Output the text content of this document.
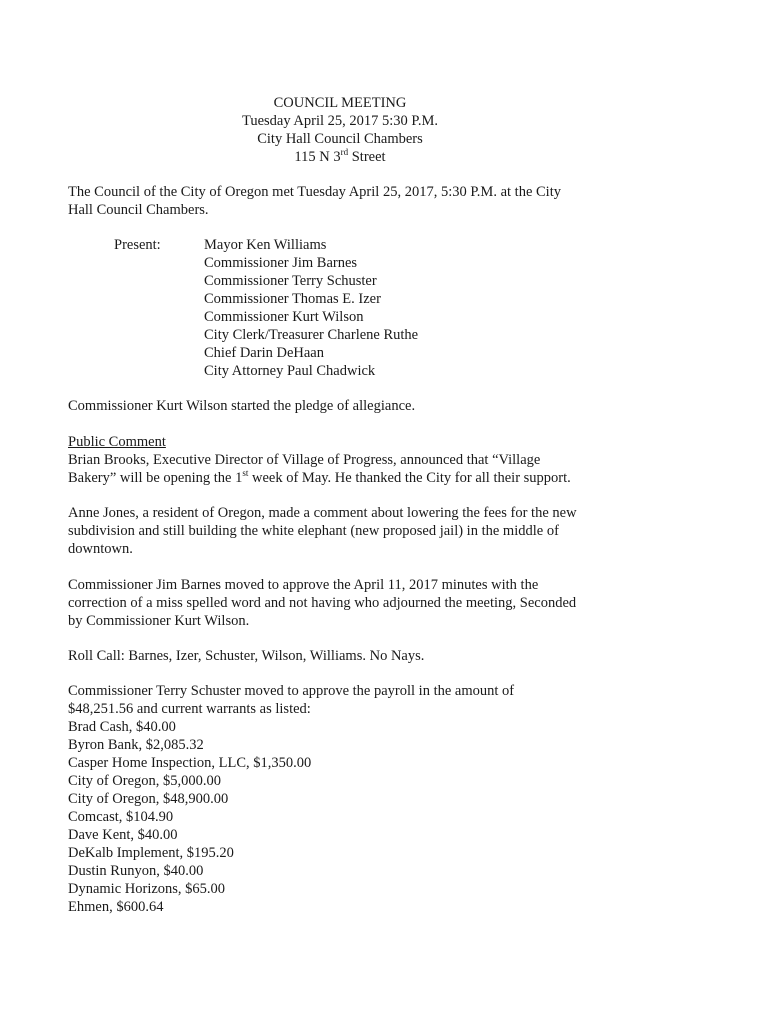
COUNCIL MEETING
Tuesday April 25, 2017 5:30 P.M.
City Hall Council Chambers
115 N 3rd Street
The Council of the City of Oregon met Tuesday April 25, 2017, 5:30 P.M. at the City
Hall Council Chambers.
Present:	Mayor Ken Williams
Commissioner Jim Barnes
Commissioner Terry Schuster
Commissioner Thomas E. Izer
Commissioner Kurt Wilson
City Clerk/Treasurer Charlene Ruthe
Chief Darin DeHaan
City Attorney Paul Chadwick
Commissioner Kurt Wilson started the pledge of allegiance.
Public Comment
Brian Brooks, Executive Director of Village of Progress, announced that “Village
Bakery” will be opening the 1st week of May. He thanked the City for all their support.
Anne Jones, a resident of Oregon, made a comment about lowering the fees for the new
subdivision and still building the white elephant (new proposed jail) in the middle of
downtown.
Commissioner Jim Barnes moved to approve the April 11, 2017 minutes with the
correction of a miss spelled word and not having who adjourned the meeting, Seconded
by Commissioner Kurt Wilson.
Roll Call: Barnes, Izer, Schuster, Wilson, Williams. No Nays.
Commissioner Terry Schuster moved to approve the payroll in the amount of
$48,251.56 and current warrants as listed:
Brad Cash, $40.00
Byron Bank, $2,085.32
Casper Home Inspection, LLC, $1,350.00
City of Oregon, $5,000.00
City of Oregon, $48,900.00
Comcast, $104.90
Dave Kent, $40.00
DeKalb Implement, $195.20
Dustin Runyon, $40.00
Dynamic Horizons, $65.00
Ehmen, $600.64
